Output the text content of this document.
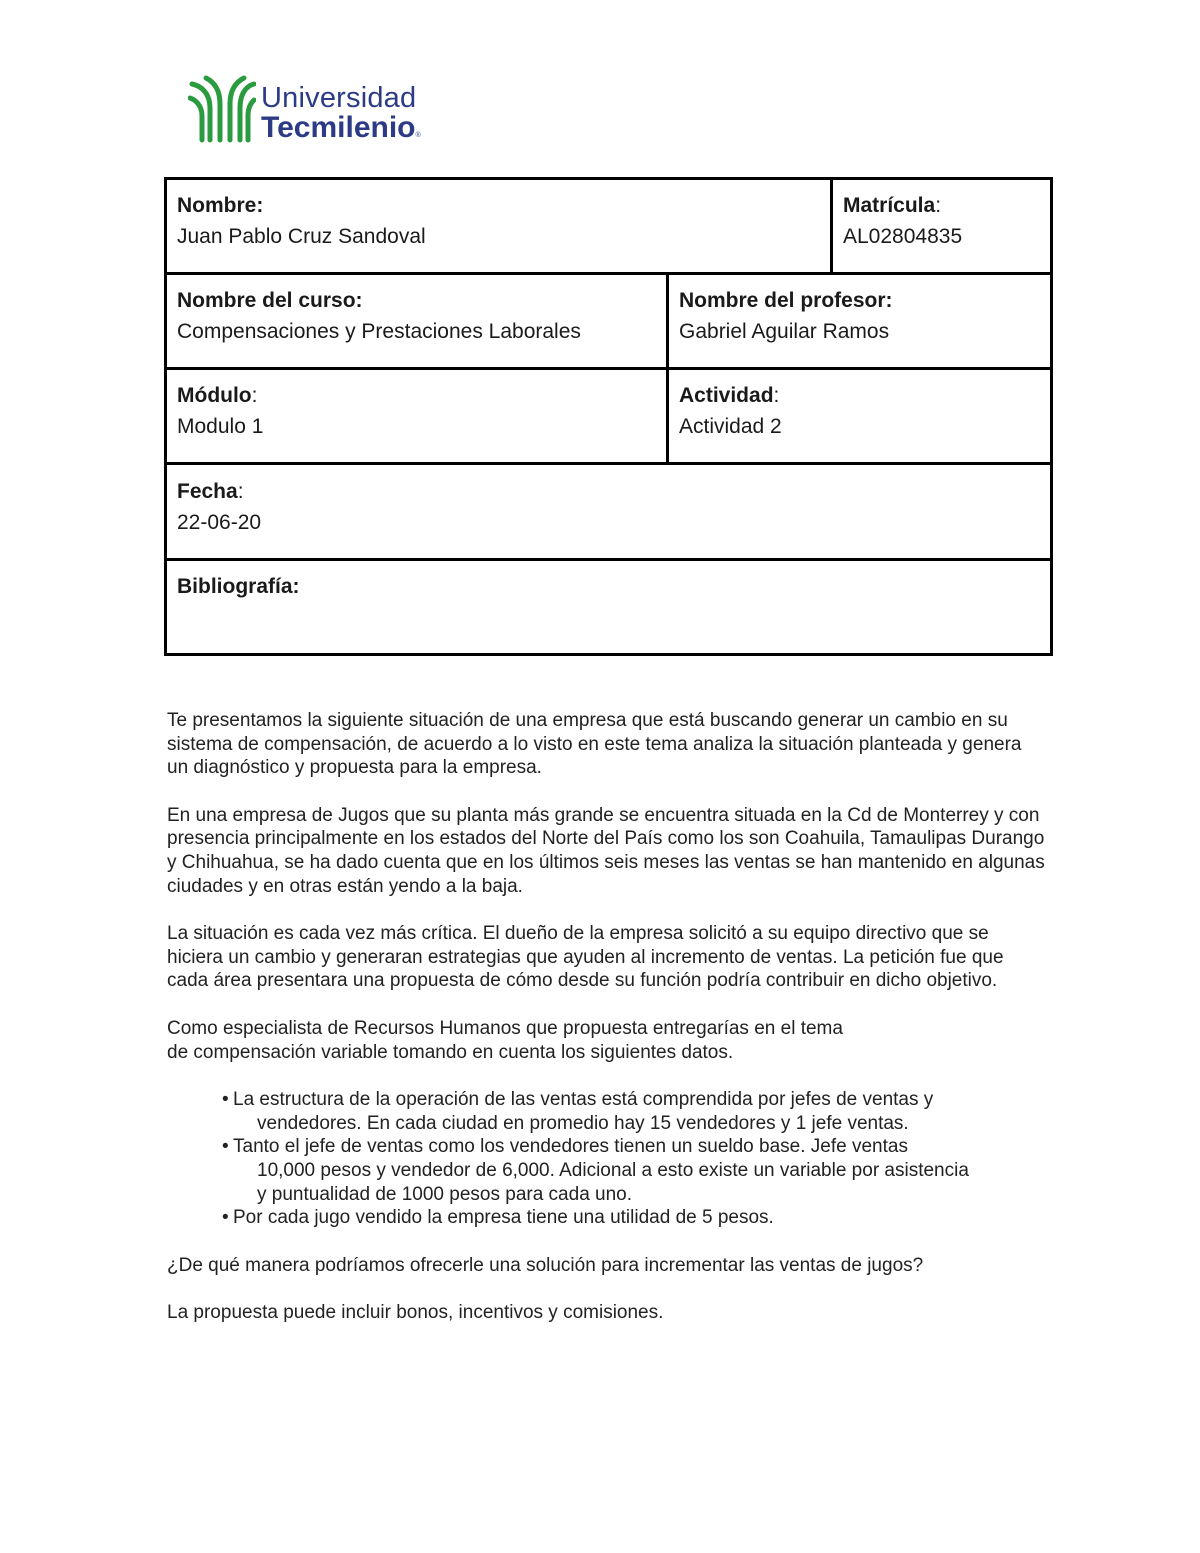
Universidad
Tecmilenio®
Nombre:
Juan Pablo Cruz Sandoval
Matrícula:
AL02804835
Nombre del curso:
Compensaciones y Prestaciones Laborales
Nombre del profesor:
Gabriel Aguilar Ramos
Módulo:
Modulo 1
Actividad:
Actividad 2
Fecha:
22-06-20
Bibliografía:

Te presentamos la siguiente situación de una empresa que está buscando generar un cambio en su sistema de compensación, de acuerdo a lo visto en este tema analiza la situación planteada y genera un diagnóstico y propuesta para la empresa.

En una empresa de Jugos que su planta más grande se encuentra situada en la Cd de Monterrey y con presencia principalmente en los estados del Norte del País como los son Coahuila, Tamaulipas Durango y Chihuahua, se ha dado cuenta que en los últimos seis meses las ventas se han mantenido en algunas ciudades y en otras están yendo a la baja.

La situación es cada vez más crítica. El dueño de la empresa solicitó a su equipo directivo que se hiciera un cambio y generaran estrategias que ayuden al incremento de ventas. La petición fue que cada área presentara una propuesta de cómo desde su función podría contribuir en dicho objetivo.

Como especialista de Recursos Humanos que propuesta entregarías en el tema
de compensación variable tomando en cuenta los siguientes datos.

• La estructura de la operación de las ventas está comprendida por jefes de ventas y
vendedores. En cada ciudad en promedio hay 15 vendedores y 1 jefe ventas.
• Tanto el jefe de ventas como los vendedores tienen un sueldo base. Jefe ventas
10,000 pesos y vendedor de 6,000. Adicional a esto existe un variable por asistencia
y puntualidad de 1000 pesos para cada uno.
• Por cada jugo vendido la empresa tiene una utilidad de 5 pesos.

¿De qué manera podríamos ofrecerle una solución para incrementar las ventas de jugos?

La propuesta puede incluir bonos, incentivos y comisiones.
